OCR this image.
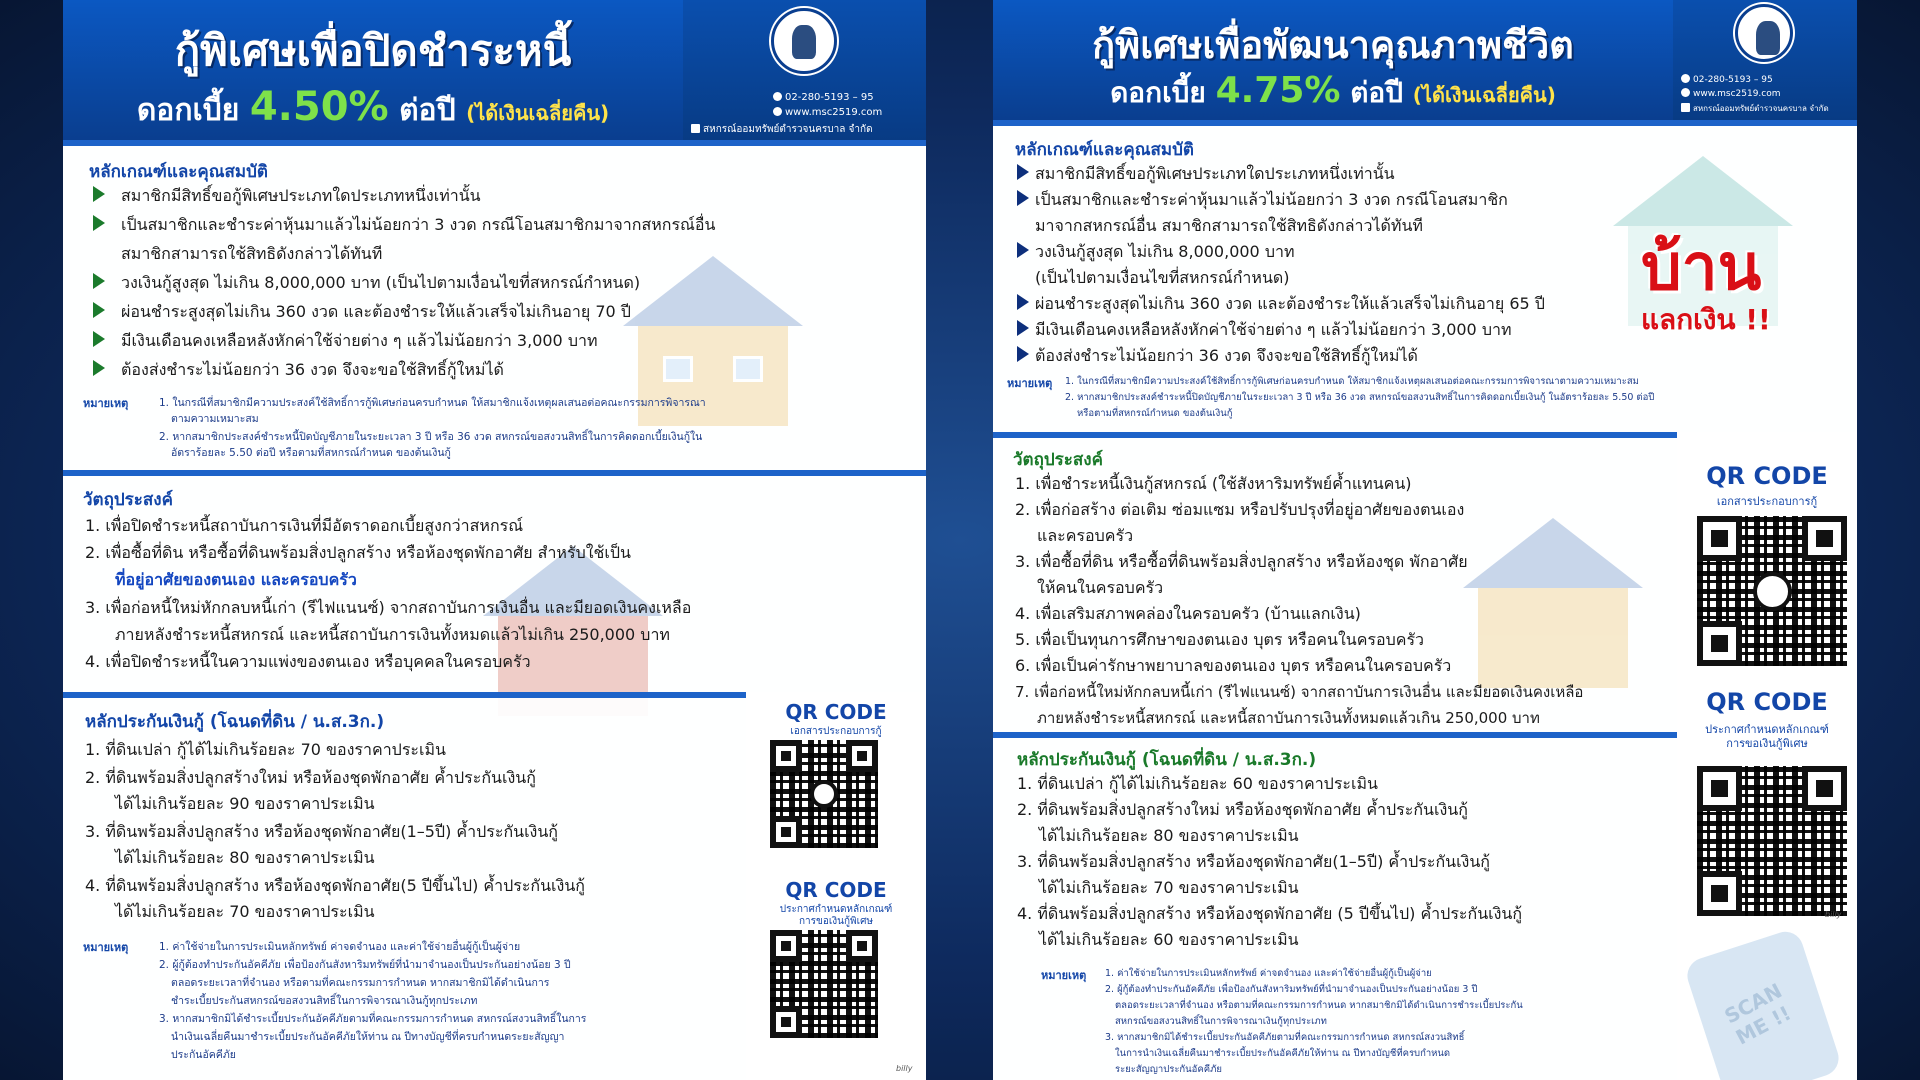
กู้พิเศษเพื่อปิดชำระหนี้
ดอกเบี้ย 4.50% ต่อปี (ได้เงินเฉลี่ยคืน)
02-280-5193 – 95
www.msc2519.com
สหกรณ์ออมทรัพย์ตำรวจนครบาล จำกัด
หลักเกณฑ์และคุณสมบัติ
สมาชิกมีสิทธิ์ขอกู้พิเศษประเภทใดประเภทหนึ่งเท่านั้น
เป็นสมาชิกและชำระค่าหุ้นมาแล้วไม่น้อยกว่า 3 งวด กรณีโอนสมาชิกมาจากสหกรณ์อื่น
สมาชิกสามารถใช้สิทธิดังกล่าวได้ทันที
วงเงินกู้สูงสุด ไม่เกิน 8,000,000 บาท (เป็นไปตามเงื่อนไขที่สหกรณ์กำหนด)
ผ่อนชำระสูงสุดไม่เกิน 360 งวด และต้องชำระให้แล้วเสร็จไม่เกินอายุ 70 ปี
มีเงินเดือนคงเหลือหลังหักค่าใช้จ่ายต่าง ๆ แล้วไม่น้อยกว่า 3,000 บาท
ต้องส่งชำระไม่น้อยกว่า 36 งวด จึงจะขอใช้สิทธิ์กู้ใหม่ได้
หมายเหตุ	1. ในกรณีที่สมาชิกมีความประสงค์ใช้สิทธิ์การกู้พิเศษก่อนครบกำหนด ให้สมาชิกแจ้งเหตุผลเสนอต่อคณะกรรมการพิจารณา
ตามความเหมาะสม
2. หากสมาชิกประสงค์ชำระหนี้ปิดบัญชีภายในระยะเวลา 3 ปี หรือ 36 งวด สหกรณ์ขอสงวนสิทธิ์ในการคิดดอกเบี้ยเงินกู้ใน
อัตราร้อยละ 5.50 ต่อปี หรือตามที่สหกรณ์กำหนด ของต้นเงินกู้
วัตถุประสงค์
1. เพื่อปิดชำระหนี้สถาบันการเงินที่มีอัตราดอกเบี้ยสูงกว่าสหกรณ์
2. เพื่อซื้อที่ดิน หรือซื้อที่ดินพร้อมสิ่งปลูกสร้าง หรือห้องชุดพักอาศัย สำหรับใช้เป็น
ที่อยู่อาศัยของตนเอง และครอบครัว
3. เพื่อก่อหนี้ใหม่หักกลบหนี้เก่า (รีไฟแนนซ์) จากสถาบันการเงินอื่น และมียอดเงินคงเหลือ
ภายหลังชำระหนี้สหกรณ์ และหนี้สถาบันการเงินทั้งหมดแล้วไม่เกิน 250,000 บาท
4. เพื่อปิดชำระหนี้ในความแพ่งของตนเอง หรือบุคคลในครอบครัว
หลักประกันเงินกู้ (โฉนดที่ดิน / น.ส.3ก.)
1. ที่ดินเปล่า กู้ได้ไม่เกินร้อยละ 70 ของราคาประเมิน
2. ที่ดินพร้อมสิ่งปลูกสร้างใหม่ หรือห้องชุดพักอาศัย ค้ำประกันเงินกู้
ได้ไม่เกินร้อยละ 90 ของราคาประเมิน
3. ที่ดินพร้อมสิ่งปลูกสร้าง หรือห้องชุดพักอาศัย(1–5ปี) ค้ำประกันเงินกู้
ได้ไม่เกินร้อยละ 80 ของราคาประเมิน
4. ที่ดินพร้อมสิ่งปลูกสร้าง หรือห้องชุดพักอาศัย(5 ปีขึ้นไป) ค้ำประกันเงินกู้
ได้ไม่เกินร้อยละ 70 ของราคาประเมิน
หมายเหตุ	1. ค่าใช้จ่ายในการประเมินหลักทรัพย์ ค่าจดจำนอง และค่าใช้จ่ายอื่นผู้กู้เป็นผู้จ่าย
2. ผู้กู้ต้องทำประกันอัคคีภัย เพื่อป้องกันสังหาริมทรัพย์ที่นำมาจำนองเป็นประกันอย่างน้อย 3 ปี
ตลอดระยะเวลาที่จำนอง หรือตามที่คณะกรรมการกำหนด หากสมาชิกมิได้ดำเนินการ
ชำระเบี้ยประกันสหกรณ์ขอสงวนสิทธิ์ในการพิจารณาเงินกู้ทุกประเภท
3. หากสมาชิกมิได้ชำระเบี้ยประกันอัคคีภัยตามที่คณะกรรมการกำหนด สหกรณ์สงวนสิทธิ์ในการ
นำเงินเฉลี่ยคืนมาชำระเบี้ยประกันอัคคีภัยให้ท่าน ณ ปีทางบัญชีที่ครบกำหนดระยะสัญญา
ประกันอัคคีภัย
QR CODE
เอกสารประกอบการกู้
QR CODE
ประกาศกำหนดหลักเกณฑ์
การขอเงินกู้พิเศษ
billy
กู้พิเศษเพื่อพัฒนาคุณภาพชีวิต
ดอกเบี้ย 4.75% ต่อปี (ได้เงินเฉลี่ยคืน)
02-280-5193 – 95
www.msc2519.com
สหกรณ์ออมทรัพย์ตำรวจนครบาล จำกัด
บ้าน
แลกเงิน !!
หลักเกณฑ์และคุณสมบัติ
สมาชิกมีสิทธิ์ขอกู้พิเศษประเภทใดประเภทหนึ่งเท่านั้น
เป็นสมาชิกและชำระค่าหุ้นมาแล้วไม่น้อยกว่า 3 งวด กรณีโอนสมาชิก
มาจากสหกรณ์อื่น สมาชิกสามารถใช้สิทธิดังกล่าวได้ทันที
วงเงินกู้สูงสุด ไม่เกิน 8,000,000 บาท
(เป็นไปตามเงื่อนไขที่สหกรณ์กำหนด)
ผ่อนชำระสูงสุดไม่เกิน 360 งวด และต้องชำระให้แล้วเสร็จไม่เกินอายุ 65 ปี
มีเงินเดือนคงเหลือหลังหักค่าใช้จ่ายต่าง ๆ แล้วไม่น้อยกว่า 3,000 บาท
ต้องส่งชำระไม่น้อยกว่า 36 งวด จึงจะขอใช้สิทธิ์กู้ใหม่ได้
หมายเหตุ 1. ในกรณีที่สมาชิกมีความประสงค์ใช้สิทธิ์การกู้พิเศษก่อนครบกำหนด ให้สมาชิกแจ้งเหตุผลเสนอต่อคณะกรรมการพิจารณาตามความเหมาะสม
2. หากสมาชิกประสงค์ชำระหนี้ปิดบัญชีภายในระยะเวลา 3 ปี หรือ 36 งวด สหกรณ์ขอสงวนสิทธิ์ในการคิดดอกเบี้ยเงินกู้ ในอัตราร้อยละ 5.50 ต่อปี
หรือตามที่สหกรณ์กำหนด ของต้นเงินกู้
วัตถุประสงค์
1. เพื่อชำระหนี้เงินกู้สหกรณ์ (ใช้สังหาริมทรัพย์ค้ำแทนคน)
2. เพื่อก่อสร้าง ต่อเติม ซ่อมแซม หรือปรับปรุงที่อยู่อาศัยของตนเอง
และครอบครัว
3. เพื่อซื้อที่ดิน หรือซื้อที่ดินพร้อมสิ่งปลูกสร้าง หรือห้องชุด พักอาศัย
ให้คนในครอบครัว
4. เพื่อเสริมสภาพคล่องในครอบครัว (บ้านแลกเงิน)
5. เพื่อเป็นทุนการศึกษาของตนเอง บุตร หรือคนในครอบครัว
6. เพื่อเป็นค่ารักษาพยาบาลของตนเอง บุตร หรือคนในครอบครัว
7. เพื่อก่อหนี้ใหม่หักกลบหนี้เก่า (รีไฟแนนซ์) จากสถาบันการเงินอื่น และมียอดเงินคงเหลือ
ภายหลังชำระหนี้สหกรณ์ และหนี้สถาบันการเงินทั้งหมดแล้วเกิน 250,000 บาท
หลักประกันเงินกู้ (โฉนดที่ดิน / น.ส.3ก.)
1. ที่ดินเปล่า กู้ได้ไม่เกินร้อยละ 60 ของราคาประเมิน
2. ที่ดินพร้อมสิ่งปลูกสร้างใหม่ หรือห้องชุดพักอาศัย ค้ำประกันเงินกู้
ได้ไม่เกินร้อยละ 80 ของราคาประเมิน
3. ที่ดินพร้อมสิ่งปลูกสร้าง หรือห้องชุดพักอาศัย(1–5ปี) ค้ำประกันเงินกู้
ได้ไม่เกินร้อยละ 70 ของราคาประเมิน
4. ที่ดินพร้อมสิ่งปลูกสร้าง หรือห้องชุดพักอาศัย (5 ปีขึ้นไป) ค้ำประกันเงินกู้
ได้ไม่เกินร้อยละ 60 ของราคาประเมิน
หมายเหตุ 1. ค่าใช้จ่ายในการประเมินหลักทรัพย์ ค่าจดจำนอง และค่าใช้จ่ายอื่นผู้กู้เป็นผู้จ่าย
2. ผู้กู้ต้องทำประกันอัคคีภัย เพื่อป้องกันสังหาริมทรัพย์ที่นำมาจำนองเป็นประกันอย่างน้อย 3 ปี
ตลอดระยะเวลาที่จำนอง หรือตามที่คณะกรรมการกำหนด หากสมาชิกมิได้ดำเนินการชำระเบี้ยประกัน
สหกรณ์ขอสงวนสิทธิ์ในการพิจารณาเงินกู้ทุกประเภท
3. หากสมาชิกมิได้ชำระเบี้ยประกันอัคคีภัยตามที่คณะกรรมการกำหนด สหกรณ์สงวนสิทธิ์
ในการนำเงินเฉลี่ยคืนมาชำระเบี้ยประกันอัคคีภัยให้ท่าน ณ ปีทางบัญชีที่ครบกำหนด
ระยะสัญญาประกันอัคคีภัย
QR CODE
เอกสารประกอบการกู้
QR CODE
ประกาศกำหนดหลักเกณฑ์
การขอเงินกู้พิเศษ
billy
SCAN ME !!
